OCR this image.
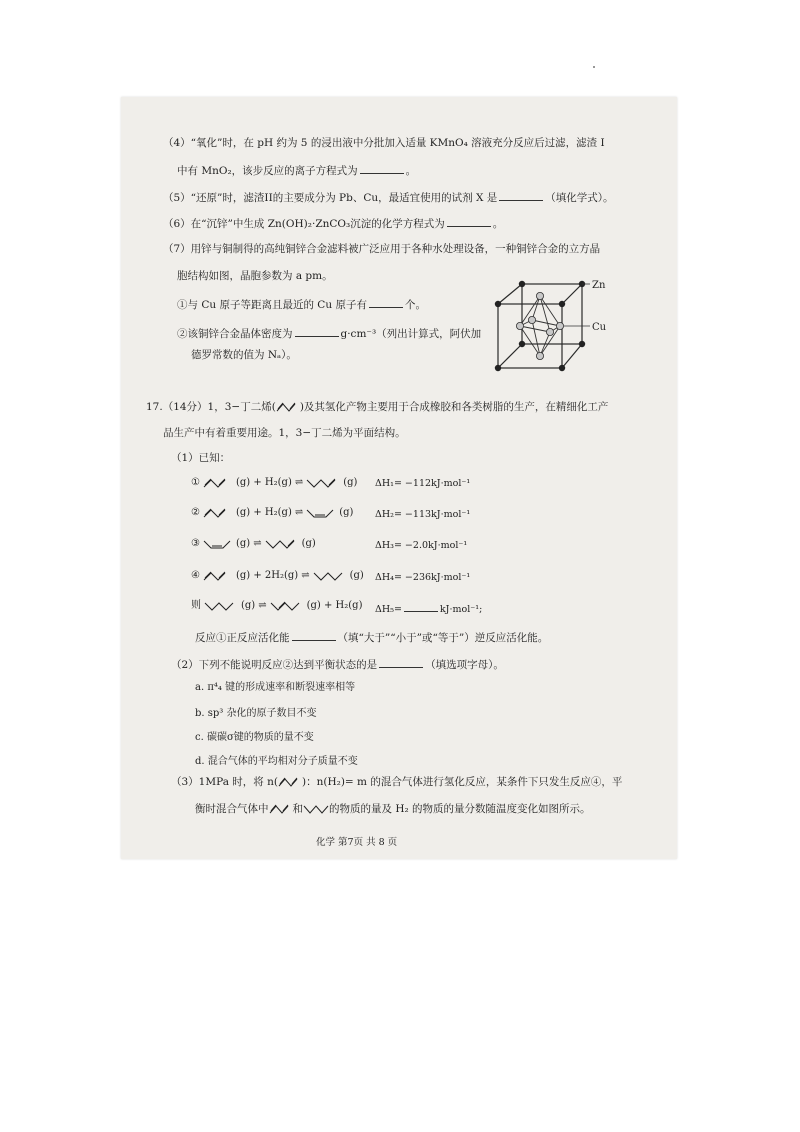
（4）“氧化”时，在 pH 约为 5 的浸出液中分批加入适量 KMnO₄ 溶液充分反应后过滤，滤渣 I
中有 MnO₂，该步反应的离子方程式为	。
（5）“还原”时，滤渣II的主要成分为 Pb、Cu，最适宜使用的试剂 X 是	（填化学式）。
（6）在“沉锌”中生成 Zn(OH)₂·ZnCO₃沉淀的化学方程式为	。
（7）用锌与铜制得的高纯铜锌合金滤料被广泛应用于各种水处理设备，一种铜锌合金的立方晶
胞结构如图，晶胞参数为 a pm。
①与 Cu 原子等距离且最近的 Cu 原子有	个。
②该铜锌合金晶体密度为	g·cm⁻³（列出计算式，阿伏加
德罗常数的值为 Nₐ）。
Zn
Cu
17.（14分）1，3−丁二烯( )及其氢化产物主要用于合成橡胶和各类树脂的生产，在精细化工产
品生产中有着重要用途。1，3−丁二烯为平面结构。
（1）已知：
①	(g) + H₂(g) ⇌	(g) ΔH₁= −112kJ·mol⁻¹
②	(g) + H₂(g) ⇌	(g) ΔH₂= −113kJ·mol⁻¹
③	(g) ⇌	(g)	ΔH₃= −2.0kJ·mol⁻¹
④	(g) + 2H₂(g) ⇌	(g) ΔH₄= −236kJ·mol⁻¹
则	(g) ⇌	(g) + H₂(g) ΔH₅=	kJ·mol⁻¹;
反应①正反应活化能	（填“大于”“小于”或“等于”）逆反应活化能。
（2）下列不能说明反应②达到平衡状态的是	（填选项字母）。
a. π⁴₄ 键的形成速率和断裂速率相等
b. sp³ 杂化的原子数目不变
c. 碳碳σ键的物质的量不变
d. 混合气体的平均相对分子质量不变
（3）1MPa 时，将 n( )：n(H₂)= m 的混合气体进行氢化反应，某条件下只发生反应④，平
衡时混合气体中 和 的物质的量及 H₂ 的物质的量分数随温度变化如图所示。
化学 第7页 共 8 页
